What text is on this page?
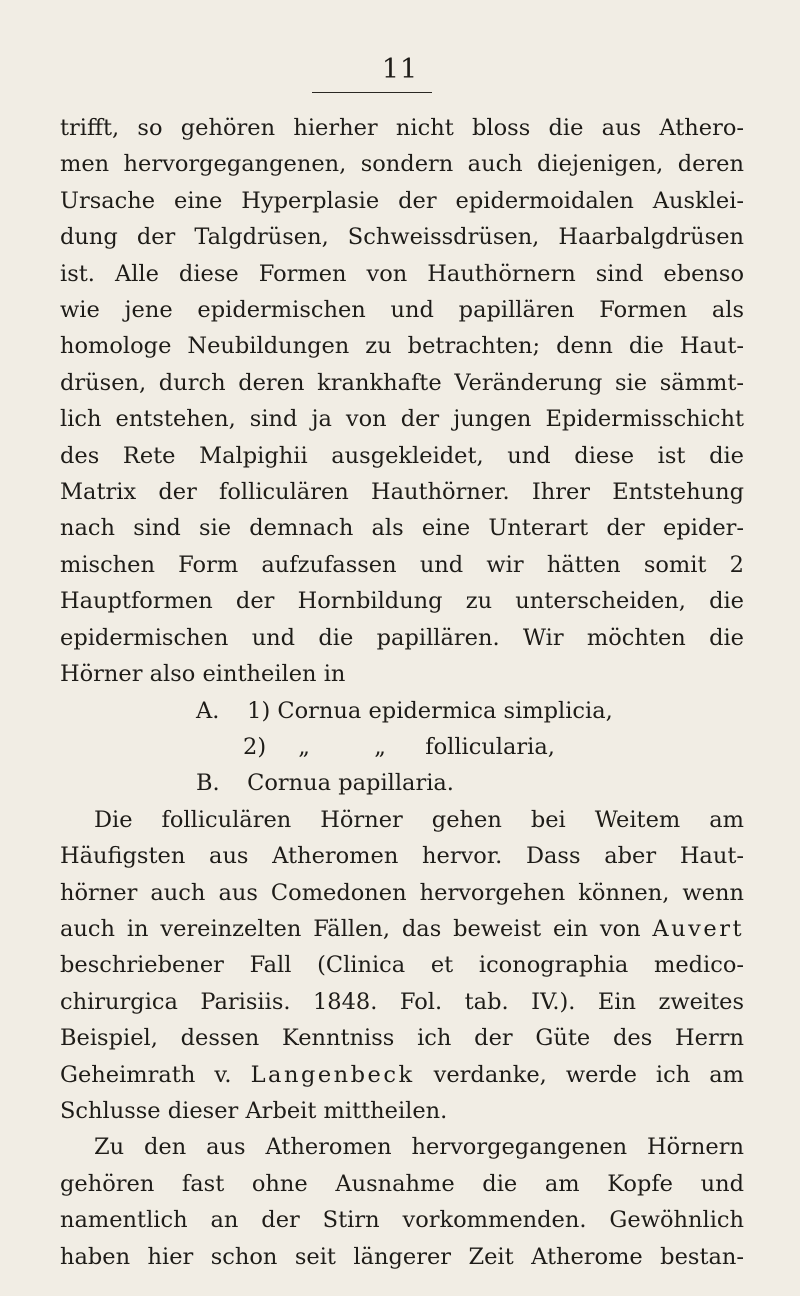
11
trifft, so gehören hierher nicht bloss die aus Athero-
men hervorgegangenen, sondern auch diejenigen, deren
Ursache eine Hyperplasie der epidermoidalen Ausklei-
dung der Talgdrüsen, Schweissdrüsen, Haarbalgdrüsen
ist. Alle diese Formen von Hauthörnern sind ebenso
wie jene epidermischen und papillären Formen als
homologe Neubildungen zu betrachten; denn die Haut-
drüsen, durch deren krankhafte Veränderung sie sämmt-
lich entstehen, sind ja von der jungen Epidermisschicht
des Rete Malpighii ausgekleidet, und diese ist die
Matrix der folliculären Hauthörner. Ihrer Entstehung
nach sind sie demnach als eine Unterart der epider-
mischen Form aufzufassen und wir hätten somit 2
Hauptformen der Hornbildung zu unterscheiden, die
epidermischen und die papillären. Wir möchten die
Hörner also eintheilen in
A. 1) Cornua epidermica simplicia,
2) „	„ follicularia,
B. Cornua papillaria.
Die folliculären Hörner gehen bei Weitem am
Häufigsten aus Atheromen hervor. Dass aber Haut-
hörner auch aus Comedonen hervorgehen können, wenn
auch in vereinzelten Fällen, das beweist ein von Auvert
beschriebener Fall (Clinica et iconographia medico-
chirurgica Parisiis. 1848. Fol. tab. IV.). Ein zweites
Beispiel, dessen Kenntniss ich der Güte des Herrn
Geheimrath v. Langenbeck verdanke, werde ich am
Schlusse dieser Arbeit mittheilen.
Zu den aus Atheromen hervorgegangenen Hörnern
gehören fast ohne Ausnahme die am Kopfe und
namentlich an der Stirn vorkommenden. Gewöhnlich
haben hier schon seit längerer Zeit Atherome bestan-
